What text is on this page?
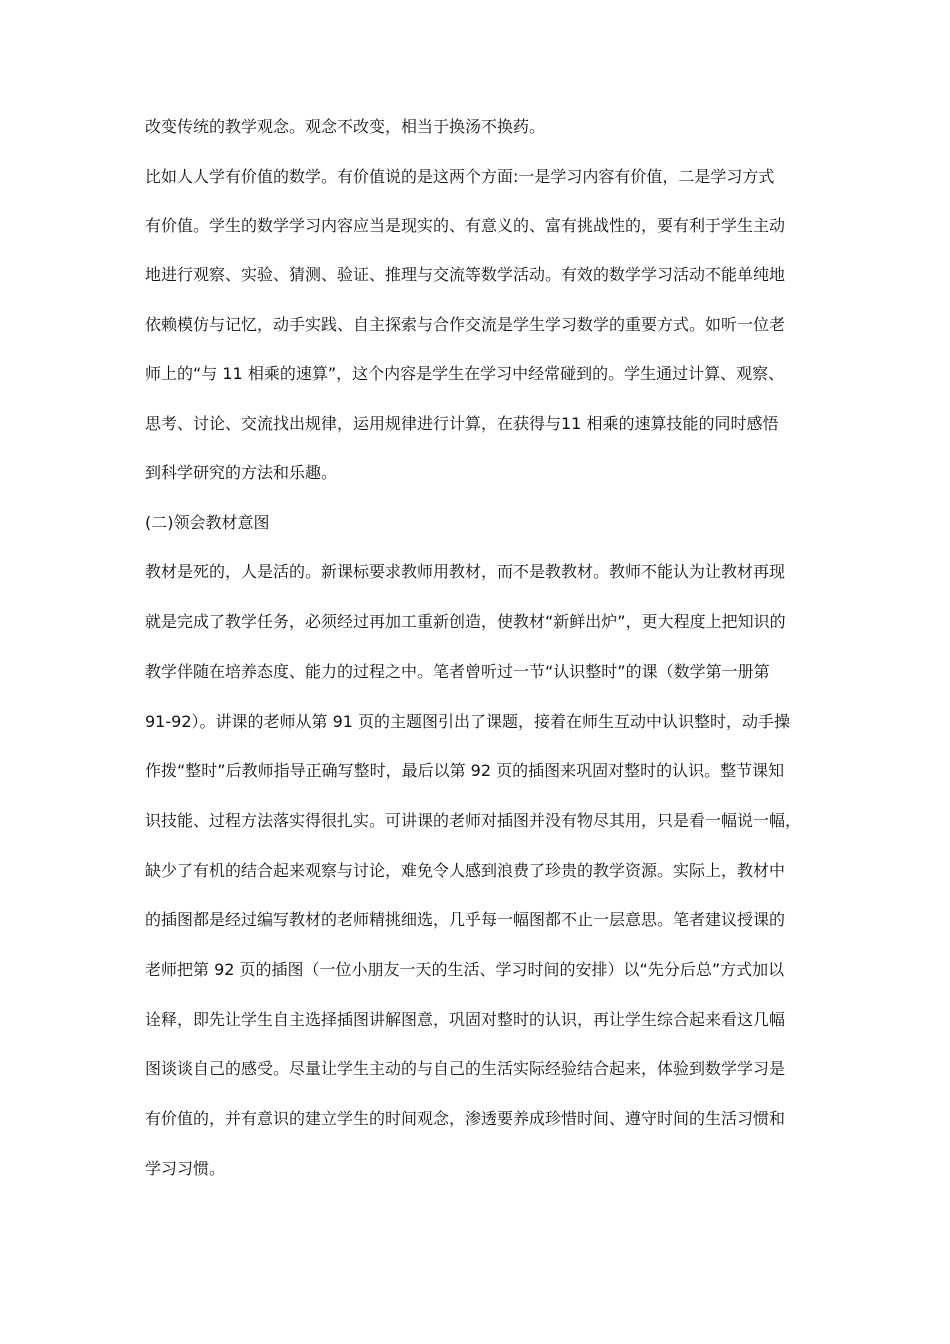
改变传统的教学观念。观念不改变，相当于换汤不换药。
比如人人学有价值的数学。有价值说的是这两个方面:一是学习内容有价值，二是学习方式
有价值。学生的数学学习内容应当是现实的、有意义的、富有挑战性的，要有利于学生主动
地进行观察、实验、猜测、验证、推理与交流等数学活动。有效的数学学习活动不能单纯地
依赖模仿与记忆，动手实践、自主探索与合作交流是学生学习数学的重要方式。如听一位老
师上的“与 11 相乘的速算”，这个内容是学生在学习中经常碰到的。学生通过计算、观察、
思考、讨论、交流找出规律，运用规律进行计算，在获得与11 相乘的速算技能的同时感悟
到科学研究的方法和乐趣。
(二)领会教材意图
教材是死的，人是活的。新课标要求教师用教材，而不是教教材。教师不能认为让教材再现
就是完成了教学任务，必须经过再加工重新创造，使教材“新鲜出炉”，更大程度上把知识的
教学伴随在培养态度、能力的过程之中。笔者曾听过一节“认识整时”的课（数学第一册第
91-92）。讲课的老师从第 91 页的主题图引出了课题，接着在师生互动中认识整时，动手操
作拨“整时”后教师指导正确写整时，最后以第 92 页的插图来巩固对整时的认识。整节课知
识技能、过程方法落实得很扎实。可讲课的老师对插图并没有物尽其用，只是看一幅说一幅，
缺少了有机的结合起来观察与讨论，难免令人感到浪费了珍贵的教学资源。实际上，教材中
的插图都是经过编写教材的老师精挑细选，几乎每一幅图都不止一层意思。笔者建议授课的
老师把第 92 页的插图（一位小朋友一天的生活、学习时间的安排）以“先分后总”方式加以
诠释，即先让学生自主选择插图讲解图意，巩固对整时的认识，再让学生综合起来看这几幅
图谈谈自己的感受。尽量让学生主动的与自己的生活实际经验结合起来，体验到数学学习是
有价值的，并有意识的建立学生的时间观念，渗透要养成珍惜时间、遵守时间的生活习惯和
学习习惯。
